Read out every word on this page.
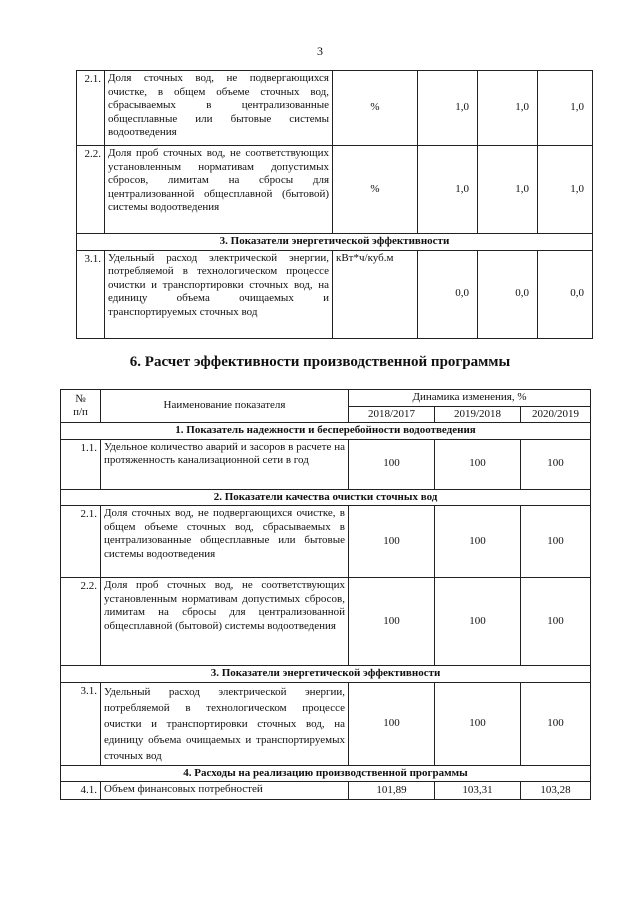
3
2.1.	Доля сточных вод, не подвергающихся очистке, в общем объеме сточных вод, сбрасываемых в централизованные общесплавные или бытовые системы водоотведения	%	1,0	1,0	1,0
2.2.	Доля проб сточных вод, не соответствующих установленным нормативам допустимых сбросов, лимитам на сбросы для централизованной общесплавной (бытовой) системы водоотведения	%	1,0	1,0	1,0
3. Показатели энергетической эффективности					
3.1.	Удельный расход электрической энергии, потребляемой в технологическом процессе очистки и транспортировки сточных вод, на единицу объема очищаемых и транспортируемых сточных вод	кВт*ч/куб.м	0,0	0,0	0,0
6. Расчет эффективности производственной программы
№
п/п	Наименование показателя	Динамика изменения, %		
		2018/2017	2019/2018	2020/2019
1. Показатель надежности и бесперебойности водоотведения				
1.1.	Удельное количество аварий и засоров в расчете на протяженность канализационной сети в год	100	100	100
2. Показатели качества очистки сточных вод				
2.1.	Доля сточных вод, не подвергающихся очистке, в общем объеме сточных вод, сбрасываемых в централизованные общесплавные или бытовые системы водоотведения	100	100	100
2.2.	Доля проб сточных вод, не соответствующих установленным нормативам допустимых сбросов, лимитам на сбросы для централизованной общесплавной (бытовой) системы водоотведения	100	100	100
3. Показатели энергетической эффективности				
3.1.	Удельный расход электрической энергии, потребляемой в технологическом процессе очистки и транспортировки сточных вод, на единицу объема очищаемых и транспортируемых сточных вод	100	100	100
4. Расходы на реализацию производственной программы				
4.1.	Объем финансовых потребностей	101,89	103,31	103,28
